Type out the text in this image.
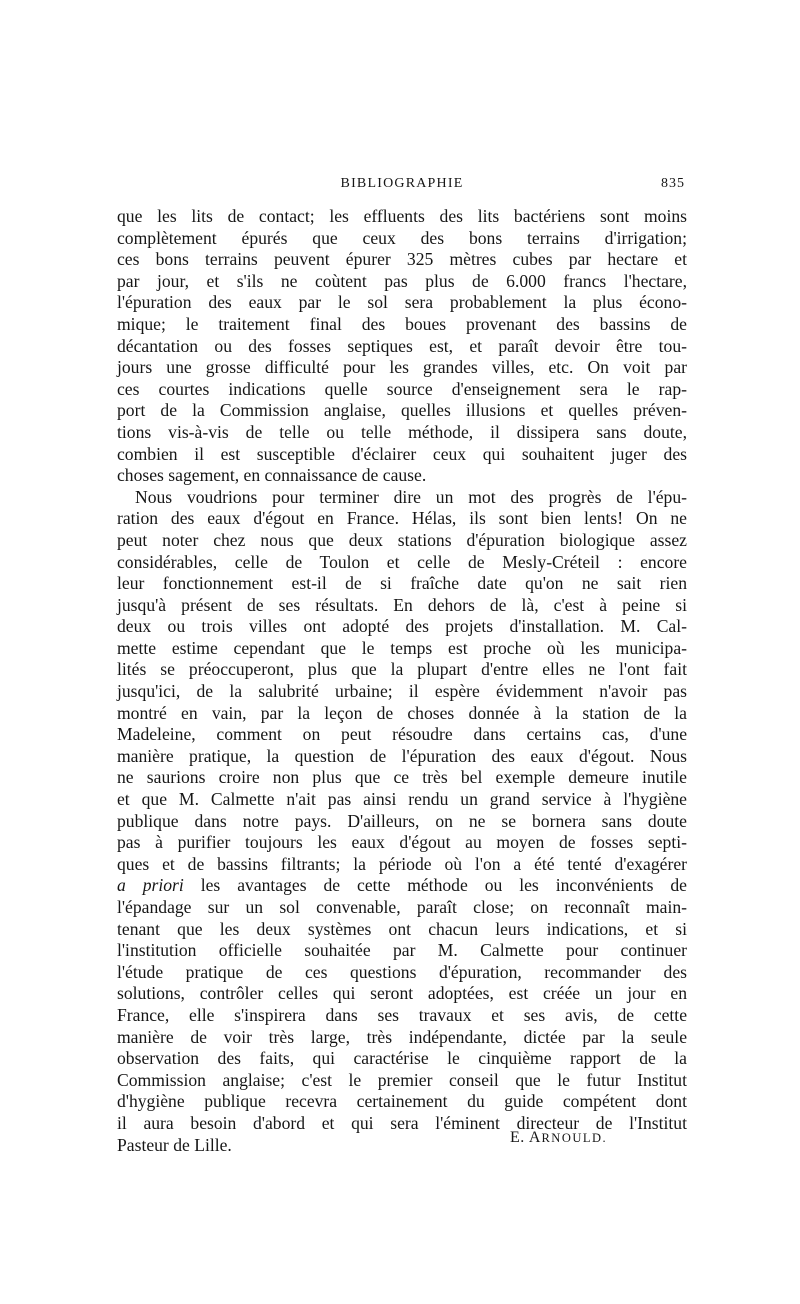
BIBLIOGRAPHIE	835
que les lits de contact; les effluents des lits bactériens sont moins
complètement épurés que ceux des bons terrains d'irrigation;
ces bons terrains peuvent épurer 325 mètres cubes par hectare et
par jour, et s'ils ne coùtent pas plus de 6.000 francs l'hectare,
l'épuration des eaux par le sol sera probablement la plus écono-
mique; le traitement final des boues provenant des bassins de
décantation ou des fosses septiques est, et paraît devoir être tou-
jours une grosse difficulté pour les grandes villes, etc. On voit par
ces courtes indications quelle source d'enseignement sera le rap-
port de la Commission anglaise, quelles illusions et quelles préven-
tions vis-à-vis de telle ou telle méthode, il dissipera sans doute,
combien il est susceptible d'éclairer ceux qui souhaitent juger des
choses sagement, en connaissance de cause.
Nous voudrions pour terminer dire un mot des progrès de l'épu-
ration des eaux d'égout en France. Hélas, ils sont bien lents! On ne
peut noter chez nous que deux stations d'épuration biologique assez
considérables, celle de Toulon et celle de Mesly-Créteil : encore
leur fonctionnement est-il de si fraîche date qu'on ne sait rien
jusqu'à présent de ses résultats. En dehors de là, c'est à peine si
deux ou trois villes ont adopté des projets d'installation. M. Cal-
mette estime cependant que le temps est proche où les municipa-
lités se préoccuperont, plus que la plupart d'entre elles ne l'ont fait
jusqu'ici, de la salubrité urbaine; il espère évidemment n'avoir pas
montré en vain, par la leçon de choses donnée à la station de la
Madeleine, comment on peut résoudre dans certains cas, d'une
manière pratique, la question de l'épuration des eaux d'égout. Nous
ne saurions croire non plus que ce très bel exemple demeure inutile
et que M. Calmette n'ait pas ainsi rendu un grand service à l'hygiène
publique dans notre pays. D'ailleurs, on ne se bornera sans doute
pas à purifier toujours les eaux d'égout au moyen de fosses septi-
ques et de bassins filtrants; la période où l'on a été tenté d'exagérer
a priori les avantages de cette méthode ou les inconvénients de
l'épandage sur un sol convenable, paraît close; on reconnaît main-
tenant que les deux systèmes ont chacun leurs indications, et si
l'institution officielle souhaitée par M. Calmette pour continuer
l'étude pratique de ces questions d'épuration, recommander des
solutions, contrôler celles qui seront adoptées, est créée un jour en
France, elle s'inspirera dans ses travaux et ses avis, de cette
manière de voir très large, très indépendante, dictée par la seule
observation des faits, qui caractérise le cinquième rapport de la
Commission anglaise; c'est le premier conseil que le futur Institut
d'hygiène publique recevra certainement du guide compétent dont
il aura besoin d'abord et qui sera l'éminent directeur de l'Institut
Pasteur de Lille.	E. ARNOULD.
